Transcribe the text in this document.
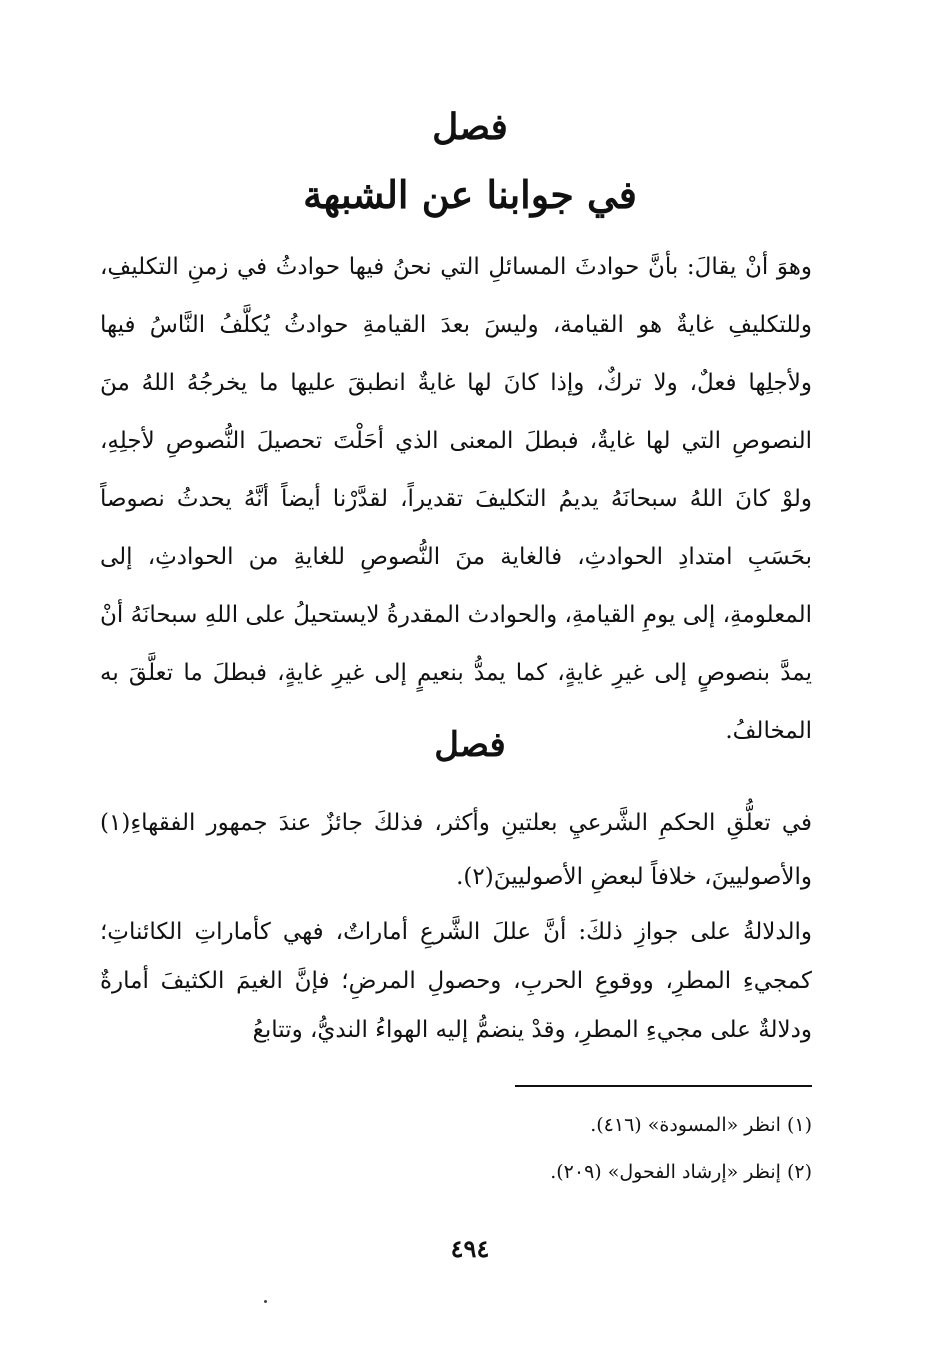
فصل
في جوابنا عن الشبهة

وهوَ أنْ يقالَ: بأنَّ حوادثَ المسائلِ التي نحنُ فيها حوادثُ في زمنِ التكليفِ، وللتكليفِ غايةٌ هو القيامة، وليسَ بعدَ القيامةِ حوادثُ يُكلَّفُ النَّاسُ فيها ولأجلِها فعلٌ، ولا تركٌ، وإذا كانَ لها غايةٌ انطبقَ عليها ما يخرجُهُ اللهُ منَ النصوصِ التي لها غايةٌ، فبطلَ المعنى الذي أحَلْتَ تحصيلَ النُّصوصِ لأجلِهِ، ولوْ كانَ اللهُ سبحانَهُ يديمُ التكليفَ تقديراً، لقدَّرْنا أيضاً أنَّهُ يحدثُ نصوصاً بحَسَبِ امتدادِ الحوادثِ، فالغاية منَ النُّصوصِ للغايةِ من الحوادثِ، إلى المعلومةِ، إلى يومِ القيامةِ، والحوادث المقدرةُ لايستحيلُ على اللهِ سبحانَهُ أنْ يمدَّ بنصوصٍ إلى غيرِ غايةٍ، كما يمدُّ بنعيمٍ إلى غيرِ غايةٍ، فبطلَ ما تعلَّقَ به المخالفُ.

فصل

في تعلُّقِ الحكمِ الشَّرعيِ بعلتينِ وأكثر، فذلكَ جائزٌ عندَ جمهور الفقهاءِ(١) والأصوليينَ، خلافاً لبعضِ الأصوليينَ(٢).

والدلالةُ على جوازِ ذلكَ: أنَّ عللَ الشَّرعِ أماراتٌ، فهي كأماراتِ الكائناتِ؛ كمجيءِ المطرِ، ووقوعِ الحربِ، وحصولِ المرضِ؛ فإنَّ الغيمَ الكثيفَ أمارةٌ ودلالةٌ على مجيءِ المطرِ، وقدْ ينضمُّ إليه الهواءُ النديُّ، وتتابعُ

(١) انظر «المسودة» (٤١٦).

(٢) إنظر «إرشاد الفحول» (٢٠٩).

٤٩٤
